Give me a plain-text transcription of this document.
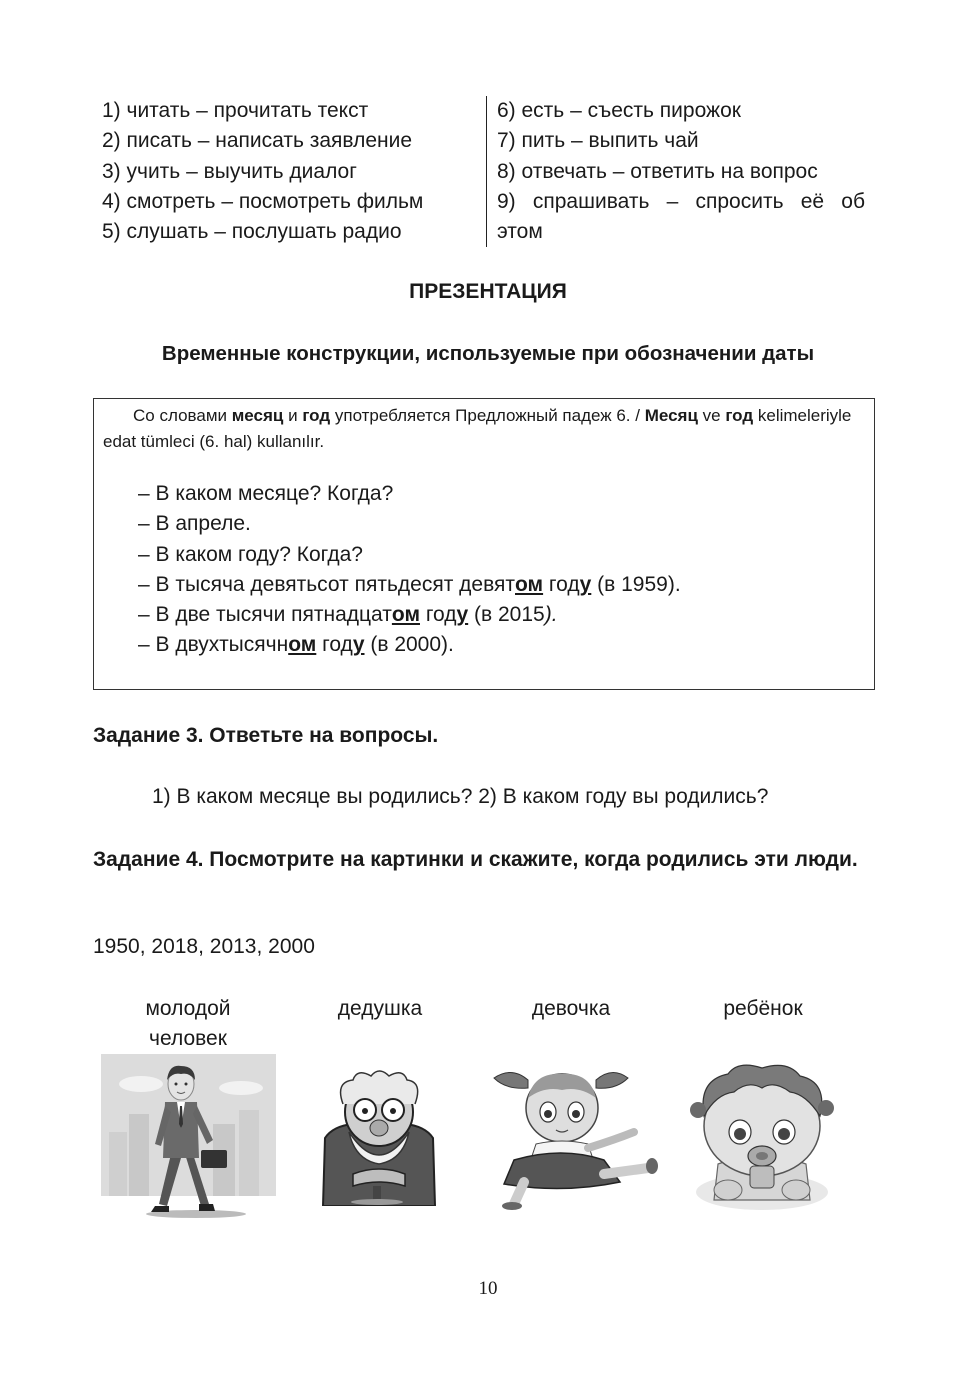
1) читать – прочитать текст
2) писать – написать заявление
3) учить – выучить диалог
4) смотреть – посмотреть фильм
5) слушать – послушать радио
6) есть – съесть пирожок
7) пить – выпить чай
8) отвечать – ответить на вопрос
9) спрашивать – спросить её об
этом
ПРЕЗЕНТАЦИЯ
Временные конструкции, используемые при обозначении даты
Со словами месяц и год употребляется Предложный падеж 6. / Месяц ve год kelimeleriyle edat tümleci (6. hal) kullanılır.
– В каком месяце? Когда?
– В апреле.
– В каком году? Когда?
– В тысяча девятьсот пятьдесят девятом году (в 1959).
– В две тысячи пятнадцатом году (в 2015).
– В двухтысячном году (в 2000).
Задание 3. Ответьте на вопросы.
1) В каком месяце вы родились? 2) В каком году вы родились?
Задание 4. Посмотрите на картинки и скажите, когда родились эти люди.
1950, 2018, 2013, 2000
молодой
человек
дедушка	девочка	ребёнок
10
